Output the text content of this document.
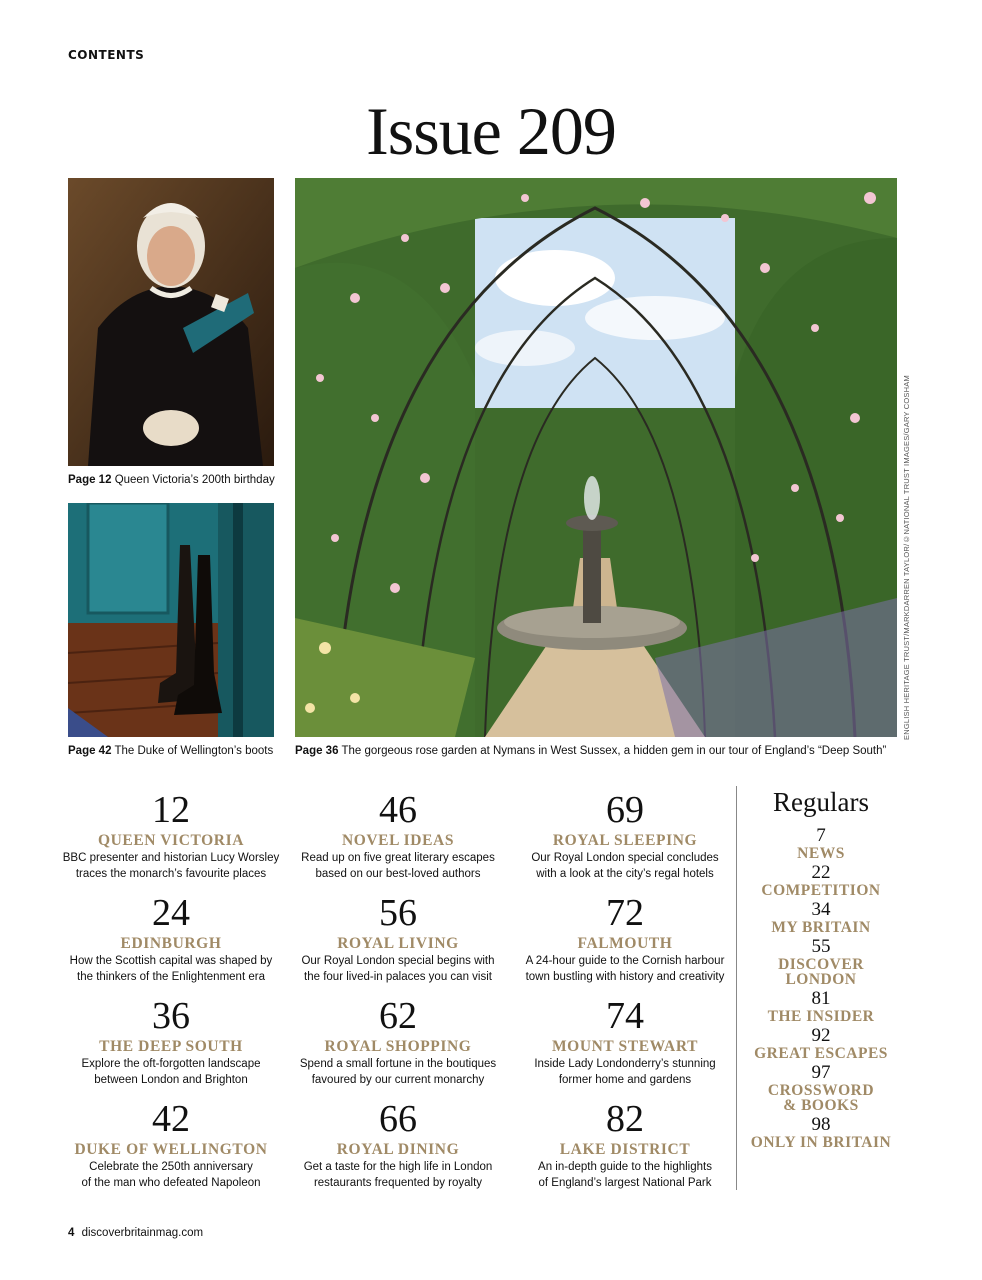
CONTENTS
Issue 209
Page 12 Queen Victoria’s 200th birthday
Page 42 The Duke of Wellington’s boots
ENGLISH HERITAGE TRUST/MARKDARREN TAYLOR/©NATIONAL TRUST IMAGES/GARY COSHAM
Page 36 The gorgeous rose garden at Nymans in West Sussex, a hidden gem in our tour of England’s “Deep South”
12
QUEEN VICTORIA
BBC presenter and historian Lucy Worsley
traces the monarch’s favourite places
24
EDINBURGH
How the Scottish capital was shaped by
the thinkers of the Enlightenment era
36
THE DEEP SOUTH
Explore the oft-forgotten landscape
between London and Brighton
42
DUKE OF WELLINGTON
Celebrate the 250th anniversary
of the man who defeated Napoleon
46
NOVEL IDEAS
Read up on five great literary escapes
based on our best-loved authors
56
ROYAL LIVING
Our Royal London special begins with
the four lived-in palaces you can visit
62
ROYAL SHOPPING
Spend a small fortune in the boutiques
favoured by our current monarchy
66
ROYAL DINING
Get a taste for the high life in London
restaurants frequented by royalty
69
ROYAL SLEEPING
Our Royal London special concludes
with a look at the city’s regal hotels
72
FALMOUTH
A 24-hour guide to the Cornish harbour
town bustling with history and creativity
74
MOUNT STEWART
Inside Lady Londonderry’s stunning
former home and gardens
82
LAKE DISTRICT
An in-depth guide to the highlights
of England’s largest National Park
Regulars
7
NEWS
22
COMPETITION
34
MY BRITAIN
55
DISCOVER
LONDON
81
THE INSIDER
92
GREAT ESCAPES
97
CROSSWORD
& BOOKS
98
ONLY IN BRITAIN
4 discoverbritainmag.com
